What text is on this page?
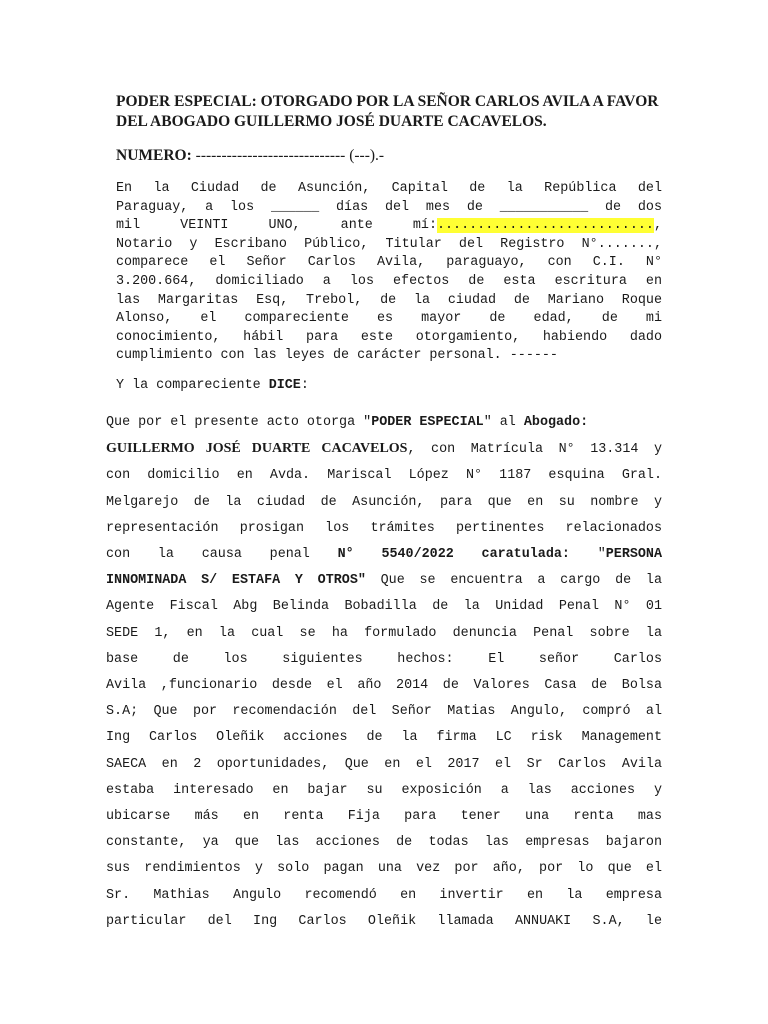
PODER ESPECIAL: OTORGADO POR LA SEÑOR CARLOS AVILA A FAVOR DEL ABOGADO GUILLERMO JOSÉ DUARTE CACAVELOS.

NUMERO: ----------------------------- (---).-

En la Ciudad de Asunción, Capital de la República del
Paraguay, a los ______ días del mes de ___________ de dos
mil VEINTI UNO, ante mí:...........................,
Notario y Escribano Público, Titular del Registro N°.......,
comparece el Señor Carlos Avila, paraguayo, con C.I. N°
3.200.664, domiciliado a los efectos de esta escritura en
las Margaritas Esq, Trebol, de la ciudad de Mariano Roque
Alonso, el compareciente es mayor de edad, de mi
conocimiento, hábil para este otorgamiento, habiendo dado
cumplimiento con las leyes de carácter personal. ------

Y la compareciente DICE:

Que por el presente acto otorga "PODER ESPECIAL" al Abogado:
GUILLERMO JOSÉ DUARTE CACAVELOS, con Matrícula N° 13.314 y
con domicilio en Avda. Mariscal López N° 1187 esquina Gral.
Melgarejo de la ciudad de Asunción, para que en su nombre y
representación prosigan los trámites pertinentes relacionados
con la causa penal N° 5540/2022 caratulada: "PERSONA
INNOMINADA S/ ESTAFA Y OTROS" Que se encuentra a cargo de la
Agente Fiscal Abg Belinda Bobadilla de la Unidad Penal N° 01
SEDE 1, en la cual se ha formulado denuncia Penal sobre la
base de los siguientes hechos: El señor Carlos
Avila ,funcionario desde el año 2014 de Valores Casa de Bolsa
S.A; Que por recomendación del Señor Matias Angulo, compró al
Ing Carlos Oleñik acciones de la firma LC risk Management
SAECA en 2 oportunidades, Que en el 2017 el Sr Carlos Avila
estaba interesado en bajar su exposición a las acciones y
ubicarse más en renta Fija para tener una renta mas
constante, ya que las acciones de todas las empresas bajaron
sus rendimientos y solo pagan una vez por año, por lo que el
Sr. Mathias Angulo recomendó en invertir en la empresa
particular del Ing Carlos Oleñik llamada ANNUAKI S.A, le
